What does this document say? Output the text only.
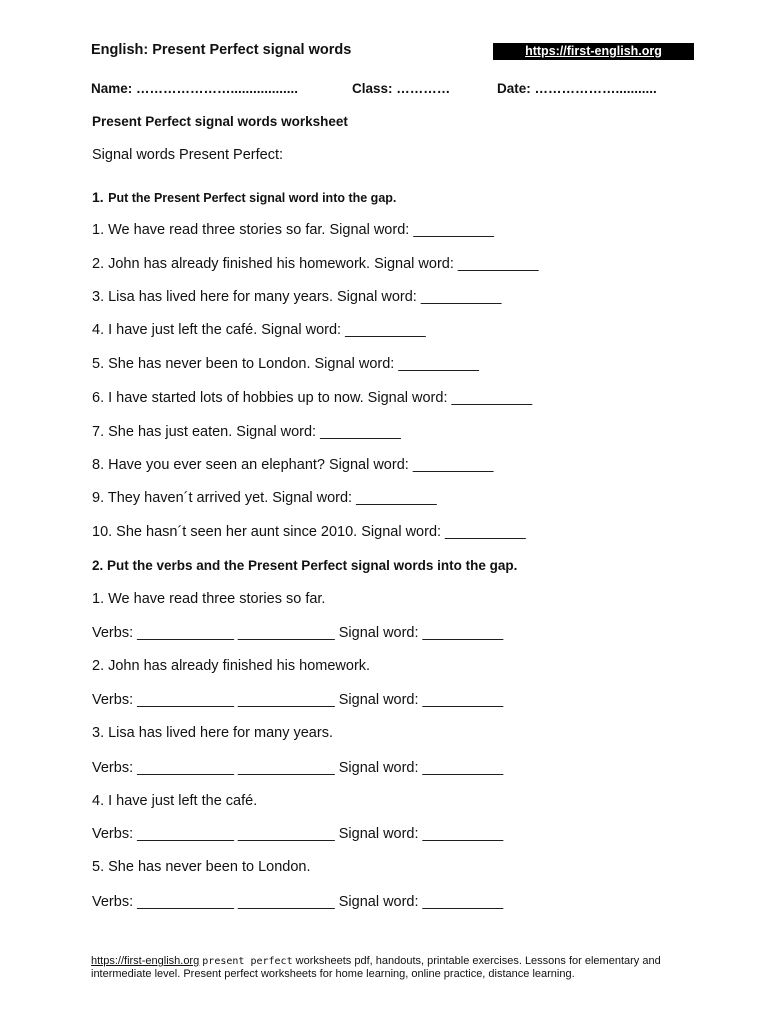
English: Present Perfect signal words	https://first-english.org
Name: …………………..................	Class: …………	Date: ………………...........
Present Perfect signal words worksheet
Signal words Present Perfect:
1. Put the Present Perfect signal word into the gap.
1. We have read three stories so far. Signal word: __________
2. John has already finished his homework. Signal word: __________
3. Lisa has lived here for many years. Signal word: __________
4. I have just left the café. Signal word: __________
5. She has never been to London. Signal word: __________
6. I have started lots of hobbies up to now. Signal word: __________
7. She has just eaten. Signal word: __________
8. Have you ever seen an elephant? Signal word: __________
9. They haven´t arrived yet. Signal word: __________
10. She hasn´t seen her aunt since 2010. Signal word: __________
2. Put the verbs and the Present Perfect signal words into the gap.
1. We have read three stories so far.
Verbs: ____________ ____________ Signal word: __________
2. John has already finished his homework.
Verbs: ____________ ____________ Signal word: __________
3. Lisa has lived here for many years.
Verbs: ____________ ____________ Signal word: __________
4. I have just left the café.
Verbs: ____________ ____________ Signal word: __________
5. She has never been to London.
Verbs: ____________ ____________ Signal word: __________
https://first-english.org present perfect worksheets pdf, handouts, printable exercises. Lessons for elementary and intermediate level. Present perfect worksheets for home learning, online practice, distance learning.
